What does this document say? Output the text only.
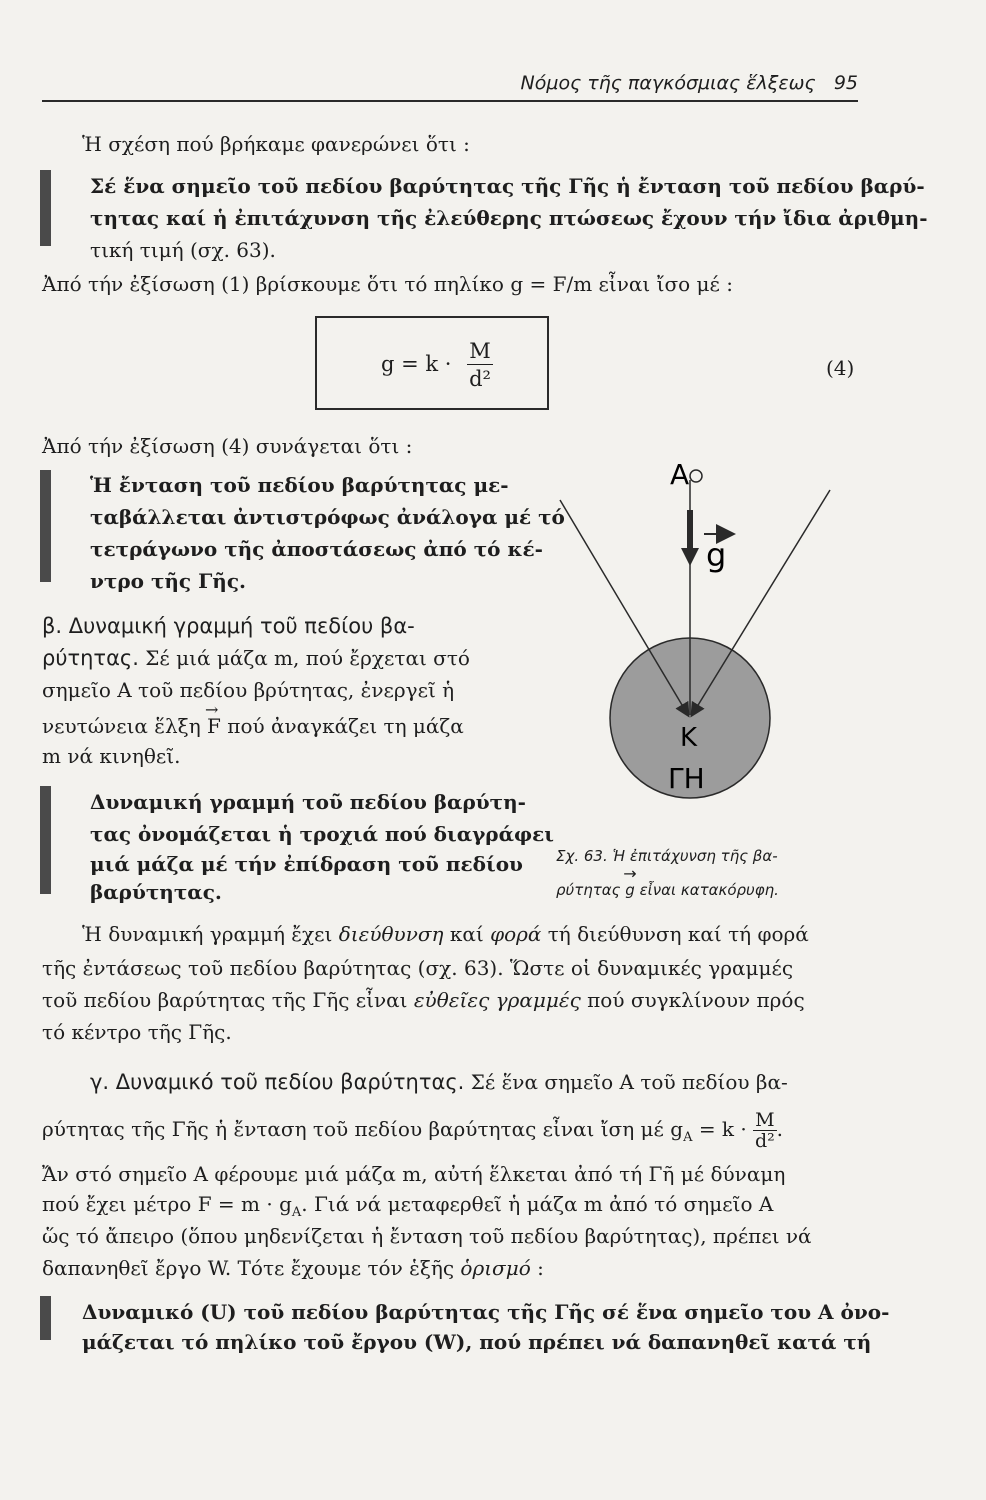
Νόμος τῆς παγκόσμιας ἕλξεως 95

Ἡ σχέση πού βρήκαμε φανερώνει ὅτι :

Σέ ἕνα σημεῖο τοῦ πεδίου βαρύτητας τῆς Γῆς ἡ ἔνταση τοῦ πεδίου βαρύ-

τητας καί ἡ ἐπιτάχυνση τῆς ἐλεύθερης πτώσεως ἔχουν τήν ἴδια ἀριθμη-

τική τιμή (σχ. 63).

Ἀπό τήν ἐξίσωση (1) βρίσκουμε ὅτι τό πηλίκο g = F/m εἶναι ἴσο μέ :

g = k ·
M
d²	(4)

Ἀπό τήν ἐξίσωση (4) συνάγεται ὅτι :

Ἡ ἔνταση τοῦ πεδίου βαρύτητας με-

ταβάλλεται ἀντιστρόφως ἀνάλογα μέ τό

τετράγωνο τῆς ἀποστάσεως ἀπό τό κέ-

ντρο τῆς Γῆς.

β. Δυναμική γραμμή τοῦ πεδίου βα-

ρύτητας. Σέ μιά μάζα m, πού ἔρχεται στό

σημεῖο Α τοῦ πεδίου βρύτητας, ἐνεργεῖ ἡ

νευτώνεια ἕλξη → F πού ἀναγκάζει τη μάζα

m νά κινηθεῖ.

Δυναμική γραμμή τοῦ πεδίου βαρύτη-

τας ὀνομάζεται ἡ τροχιά πού διαγράφει

μιά μάζα μέ τήν ἐπίδραση τοῦ πεδίου

βαρύτητας.

Α
g
Κ
ΓΗ

Σχ. 63. Ἡ ἐπιτάχυνση τῆς βα-

ρύτητας → g εἶναι κατακόρυφη.

Ἡ δυναμική γραμμή ἔχει διεύθυνση καί φορά τή διεύθυνση καί τή φορά

τῆς ἐντάσεως τοῦ πεδίου βαρύτητας (σχ. 63). Ὥστε οἱ δυναμικές γραμμές

τοῦ πεδίου βαρύτητας τῆς Γῆς εἶναι εὐθεῖες γραμμές πού συγκλίνουν πρός

τό κέντρο τῆς Γῆς.

γ. Δυναμικό τοῦ πεδίου βαρύτητας. Σέ ἕνα σημεῖο Α τοῦ πεδίου βα-

ρύτητας τῆς Γῆς ἡ ἔνταση τοῦ πεδίου βαρύτητας εἶναι ἴση μέ $g_A = k \cdot \frac{M}{\text{d²}}$ .

Ἄν στό σημεῖο Α φέρουμε μιά μάζα m, αὐτή ἕλκεται ἀπό τή Γῆ μέ δύναμη

πού ἔχει μέτρο $F = m \cdot g_A$. Γιά νά μεταφερθεῖ ἡ μάζα m ἀπό τό σημεῖο Α

ὥς τό ἄπειρο (ὅπου μηδενίζεται ἡ ἔνταση τοῦ πεδίου βαρύτητας), πρέπει νά

δαπανηθεῖ ἔργο W. Τότε ἔχουμε τόν ἑξῆς ὁρισμό :

Δυναμικό (U) τοῦ πεδίου βαρύτητας τῆς Γῆς σέ ἕνα σημεῖο του Α ὀνο-

μάζεται τό πηλίκο τοῦ ἔργου (W), πού πρέπει νά δαπανηθεῖ κατά τή
